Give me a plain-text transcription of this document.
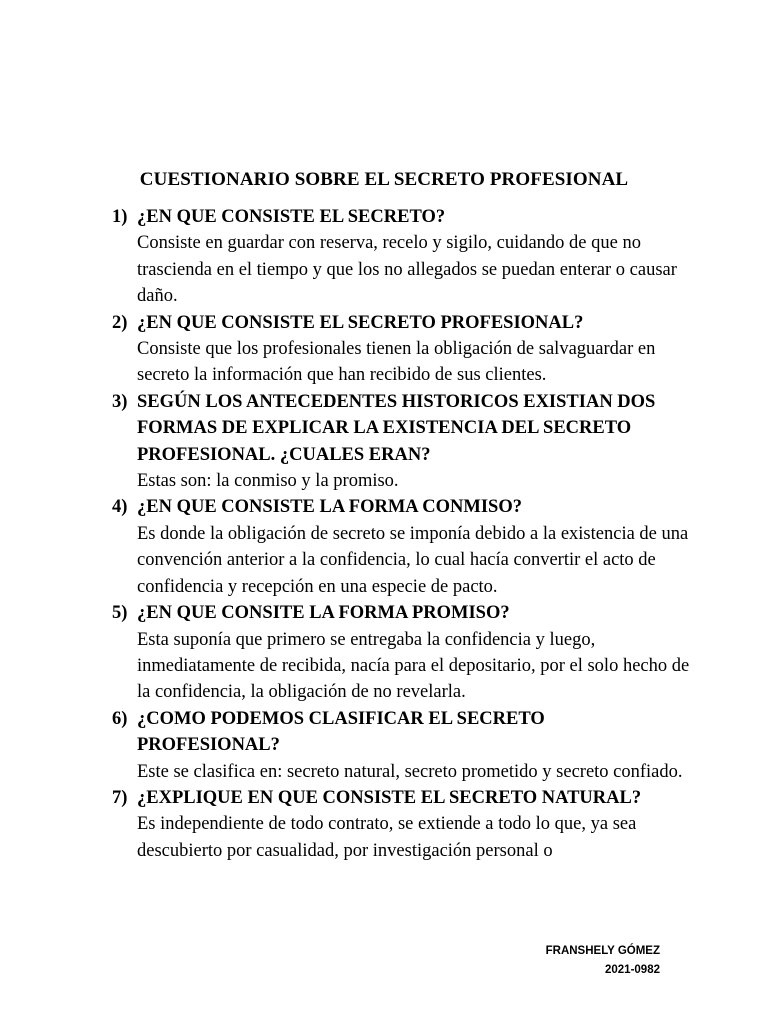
CUESTIONARIO SOBRE EL SECRETO PROFESIONAL
1) ¿EN QUE CONSISTE EL SECRETO?
Consiste en guardar con reserva, recelo y sigilo, cuidando de que no trascienda en el tiempo y que los no allegados se puedan enterar o causar daño.
2) ¿EN QUE CONSISTE EL SECRETO PROFESIONAL?
Consiste que los profesionales tienen la obligación de salvaguardar en secreto la información que han recibido de sus clientes.
3) SEGÚN LOS ANTECEDENTES HISTORICOS EXISTIAN DOS FORMAS DE EXPLICAR LA EXISTENCIA DEL SECRETO PROFESIONAL. ¿CUALES ERAN?
Estas son: la conmiso y la promiso.
4) ¿EN QUE CONSISTE LA FORMA CONMISO?
Es donde la obligación de secreto se imponía debido a la existencia de una convención anterior a la confidencia, lo cual hacía convertir el acto de confidencia y recepción en una especie de pacto.
5) ¿EN QUE CONSITE LA FORMA PROMISO?
Esta suponía que primero se entregaba la confidencia y luego, inmediatamente de recibida, nacía para el depositario, por el solo hecho de la confidencia, la obligación de no revelarla.
6) ¿COMO PODEMOS CLASIFICAR EL SECRETO PROFESIONAL?
Este se clasifica en: secreto natural, secreto prometido y secreto confiado.
7) ¿EXPLIQUE EN QUE CONSISTE EL SECRETO NATURAL?
Es independiente de todo contrato, se extiende a todo lo que, ya sea descubierto por casualidad, por investigación personal o
FRANSHELY GÓMEZ
2021-0982
